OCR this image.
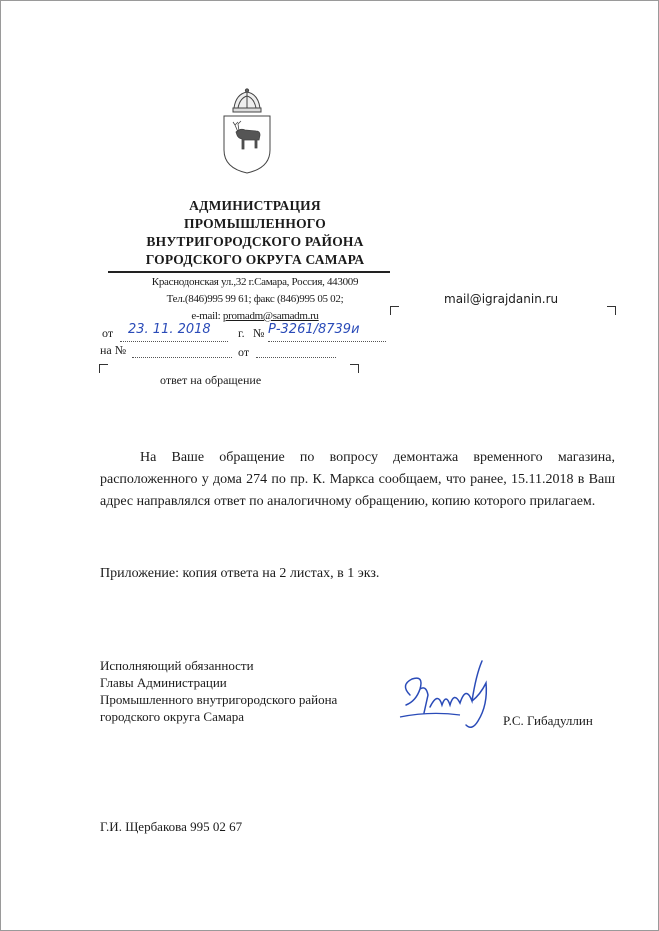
АДМИНИСТРАЦИЯ
ПРОМЫШЛЕННОГО
ВНУТРИГОРОДСКОГО РАЙОНА
ГОРОДСКОГО ОКРУГА САМАРА
Краснодонская ул.,32 г.Самара, Россия, 443009
Тел.(846)995 99 61; факс (846)995 05 02;
e-mail: promadm@samadm.ru
mail@igrajdanin.ru
от 23. 11. 2018 г. № Р-3261/8739и
на №	от
ответ на обращение
На Ваше обращение по вопросу демонтажа временного магазина, расположенного у дома 274 по пр. К. Маркса сообщаем, что ранее, 15.11.2018 в Ваш адрес направлялся ответ по аналогичному обращению, копию которого прилагаем.
Приложение: копия ответа на 2 листах, в 1 экз.
Исполняющий обязанности
Главы Администрации
Промышленного внутригородского района
городского округа Самара	Р.С. Гибадуллин
Г.И. Щербакова 995 02 67
